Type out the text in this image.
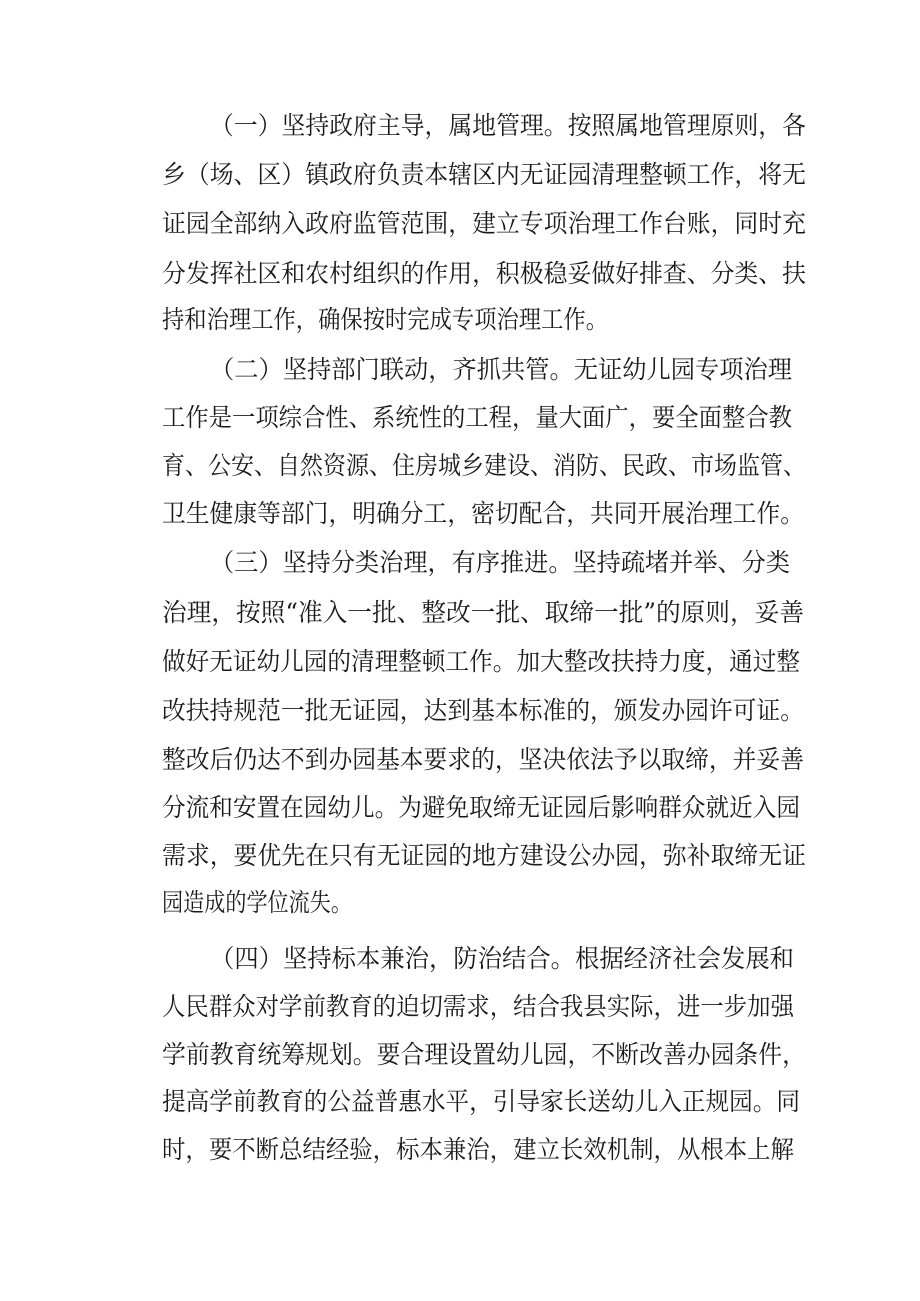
（一）坚持政府主导，属地管理。按照属地管理原则，各
乡（场、区）镇政府负责本辖区内无证园清理整顿工作，将无
证园全部纳入政府监管范围，建立专项治理工作台账，同时充
分发挥社区和农村组织的作用，积极稳妥做好排查、分类、扶
持和治理工作，确保按时完成专项治理工作。
（二）坚持部门联动，齐抓共管。无证幼儿园专项治理
工作是一项综合性、系统性的工程，量大面广，要全面整合教
育、公安、自然资源、住房城乡建设、消防、民政、市场监管、
卫生健康等部门，明确分工，密切配合，共同开展治理工作。
（三）坚持分类治理，有序推进。坚持疏堵并举、分类
治理，按照“准入一批、整改一批、取缔一批”的原则，妥善
做好无证幼儿园的清理整顿工作。加大整改扶持力度，通过整
改扶持规范一批无证园，达到基本标准的，颁发办园许可证。
整改后仍达不到办园基本要求的，坚决依法予以取缔，并妥善
分流和安置在园幼儿。为避免取缔无证园后影响群众就近入园
需求，要优先在只有无证园的地方建设公办园，弥补取缔无证
园造成的学位流失。
（四）坚持标本兼治，防治结合。根据经济社会发展和
人民群众对学前教育的迫切需求，结合我县实际，进一步加强
学前教育统筹规划。要合理设置幼儿园，不断改善办园条件，
提高学前教育的公益普惠水平，引导家长送幼儿入正规园。同
时，要不断总结经验，标本兼治，建立长效机制，从根本上解
